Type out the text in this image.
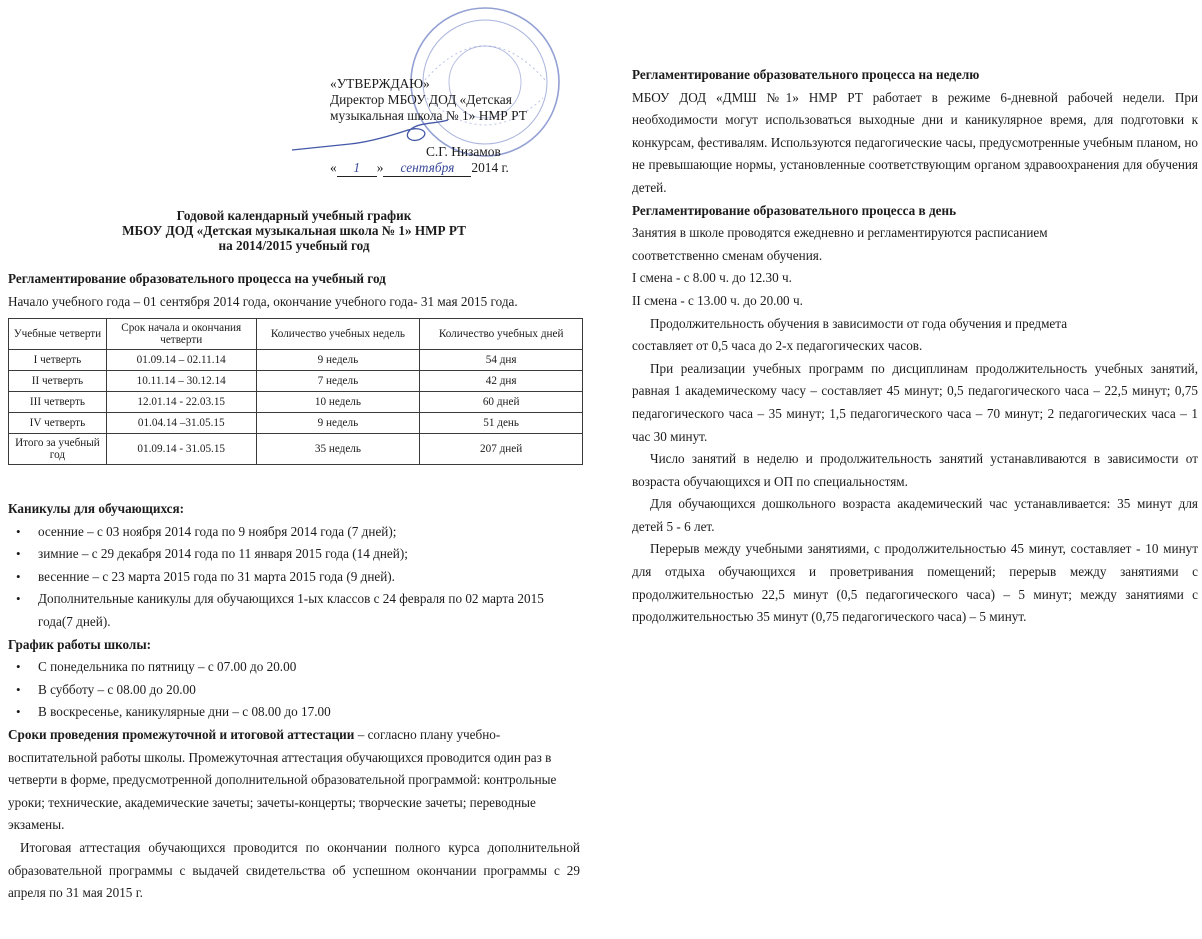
«УТВЕРЖДАЮ»
Директор МБОУ ДОД «Детская
музыкальная школа № 1» НМР РТ
С.Г. Низамов
«	1	»	сентября	2014 г.
Годовой календарный учебный график
МБОУ ДОД «Детская музыкальная школа № 1» НМР РТ
на 2014/2015 учебный год
Регламентирование образовательного процесса на учебный год
Начало учебного года – 01 сентября 2014 года, окончание учебного года- 31 мая 2015 года.
Учебные четверти	Срок начала и окончания четверти	Количество учебных недель	Количество учебных дней
I четверть	01.09.14 – 02.11.14	9 недель	54 дня
II четверть	10.11.14 – 30.12.14	7 недель	42 дня
III четверть	12.01.14 - 22.03.15	10 недель	60 дней
IV четверть	01.04.14 –31.05.15	9 недель	51 день
Итого за учебный год	01.09.14 - 31.05.15	35 недель	207 дней
Каникулы для обучающихся:
• осенние – с 03 ноября 2014 года по 9 ноября 2014 года (7 дней);
• зимние – с 29 декабря 2014 года по 11 января 2015 года (14 дней);
• весенние – с 23 марта 2015 года по 31 марта 2015 года (9 дней).
• Дополнительные каникулы для обучающихся 1-ых классов с 24 февраля по 02 марта 2015 года(7 дней).
График работы школы:
• С понедельника по пятницу – с 07.00 до 20.00
• В субботу – с 08.00 до 20.00
• В воскресенье, каникулярные дни – с 08.00 до 17.00
Сроки проведения промежуточной и итоговой аттестации – согласно плану учебно-воспитательной работы школы. Промежуточная аттестация обучающихся проводится один раз в четверти в форме, предусмотренной дополнительной образовательной программой: контрольные уроки; технические, академические зачеты; зачеты-концерты; творческие зачеты; переводные экзамены.
Итоговая аттестация обучающихся проводится по окончании полного курса дополнительной образовательной программы с выдачей свидетельства об успешном окончании программы с 29 апреля по 31 мая 2015 г.
Регламентирование образовательного процесса на неделю
МБОУ ДОД «ДМШ №1» НМР РТ работает в режиме 6-дневной рабочей недели. При необходимости могут использоваться выходные дни и каникулярное время, для подготовки к конкурсам, фестивалям. Используются педагогические часы, предусмотренные учебным планом, но не превышающие нормы, установленные соответствующим органом здравоохранения для обучения детей.
Регламентирование образовательного процесса в день
Занятия в школе проводятся ежедневно и регламентируются расписанием
соответственно сменам обучения.
I смена - с 8.00 ч. до 12.30 ч.
II смена - с 13.00 ч. до 20.00 ч.
Продолжительность обучения в зависимости от года обучения и предмета
составляет от 0,5 часа до 2-х педагогических часов.
При реализации учебных программ по дисциплинам продолжительность учебных занятий, равная 1 академическому часу – составляет 45 минут; 0,5 педагогического часа – 22,5 минут; 0,75 педагогического часа – 35 минут; 1,5 педагогического часа – 70 минут; 2 педагогических часа – 1 час 30 минут.
Число занятий в неделю и продолжительность занятий устанавливаются в зависимости от возраста обучающихся и ОП по специальностям.
Для обучающихся дошкольного возраста академический час устанавливается: 35 минут для детей 5 - 6 лет.
Перерыв между учебными занятиями, с продолжительностью 45 минут, составляет - 10 минут для отдыха обучающихся и проветривания помещений; перерыв между занятиями с продолжительностью 22,5 минут (0,5 педагогического часа) – 5 минут; между занятиями с продолжительностью 35 минут (0,75 педагогического часа) – 5 минут.
